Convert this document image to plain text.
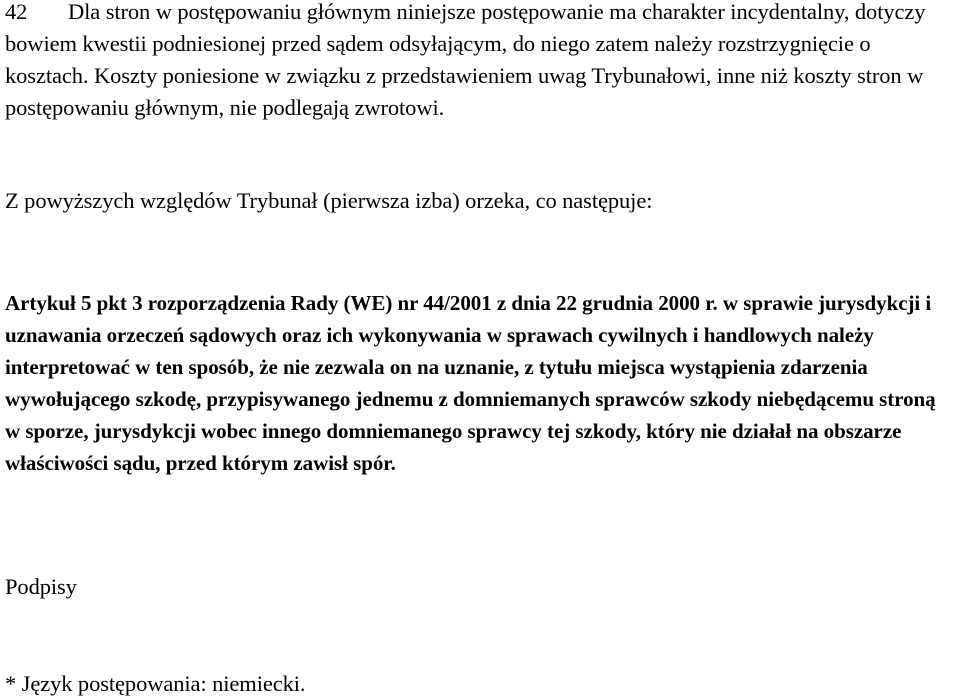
42 Dla stron w postępowaniu głównym niniejsze postępowanie ma charakter incydentalny, dotyczy bowiem kwestii podniesionej przed sądem odsyłającym, do niego zatem należy rozstrzygnięcie o kosztach. Koszty poniesione w związku z przedstawieniem uwag Trybunałowi, inne niż koszty stron w postępowaniu głównym, nie podlegają zwrotowi.

Z powyższych względów Trybunał (pierwsza izba) orzeka, co następuje:

Artykuł 5 pkt 3 rozporządzenia Rady (WE) nr 44/2001 z dnia 22 grudnia 2000 r. w sprawie jurysdykcji i uznawania orzeczeń sądowych oraz ich wykonywania w sprawach cywilnych i handlowych należy interpretować w ten sposób, że nie zezwala on na uznanie, z tytułu miejsca wystąpienia zdarzenia wywołującego szkodę, przypisywanego jednemu z domniemanych sprawców szkody niebędącemu stroną w sporze, jurysdykcji wobec innego domniemanego sprawcy tej szkody, który nie działał na obszarze właściwości sądu, przed którym zawisł spór.

Podpisy

* Język postępowania: niemiecki.
